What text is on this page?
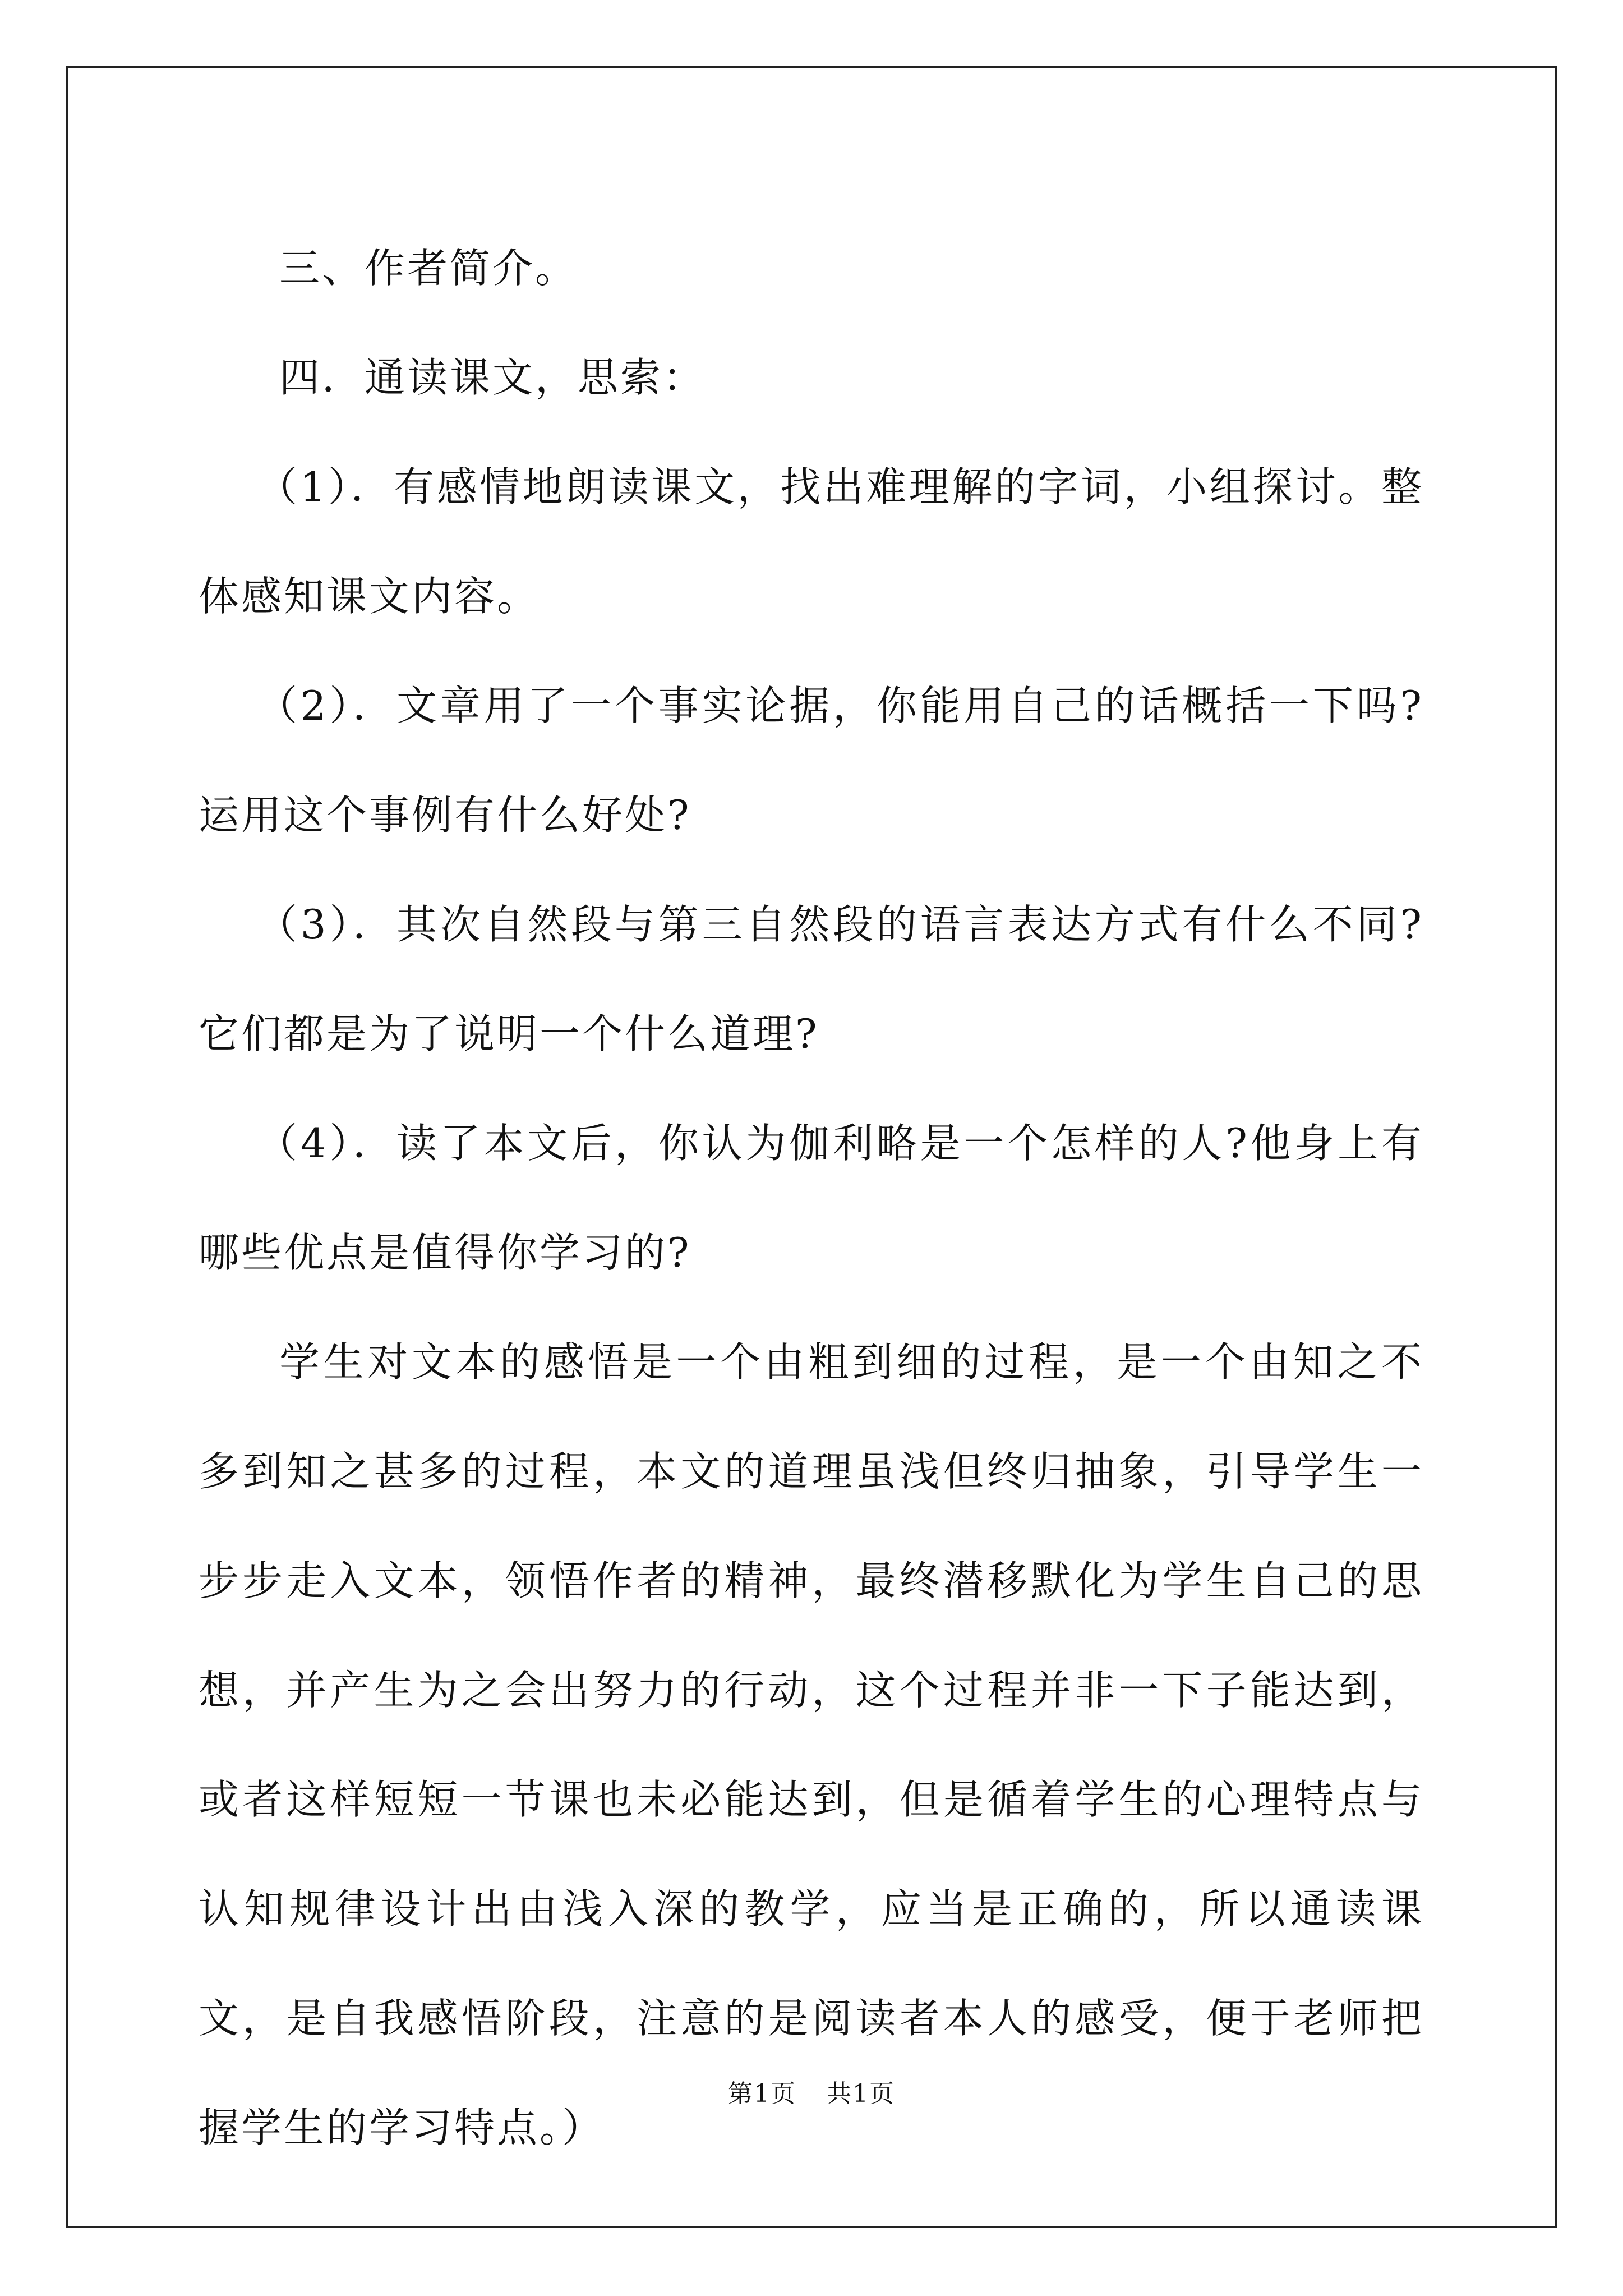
三、作者简介。

四．通读课文，思索：

（1）．有感情地朗读课文，找出难理解的字词，小组探讨。整体感知课文内容。

（2）．文章用了一个事实论据，你能用自己的话概括一下吗?运用这个事例有什么好处?

（3）．其次自然段与第三自然段的语言表达方式有什么不同?它们都是为了说明一个什么道理?

（4）．读了本文后，你认为伽利略是一个怎样的人?他身上有哪些优点是值得你学习的?

学生对文本的感悟是一个由粗到细的过程，是一个由知之不多到知之甚多的过程，本文的道理虽浅但终归抽象，引导学生一步步走入文本，领悟作者的精神，最终潜移默化为学生自己的思想，并产生为之会出努力的行动，这个过程并非一下子能达到，或者这样短短一节课也未必能达到，但是循着学生的心理特点与认知规律设计出由浅入深的教学，应当是正确的，所以通读课文，是自我感悟阶段，注意的是阅读者本人的感受，便于老师把握学生的学习特点。）

第1页 共1页
